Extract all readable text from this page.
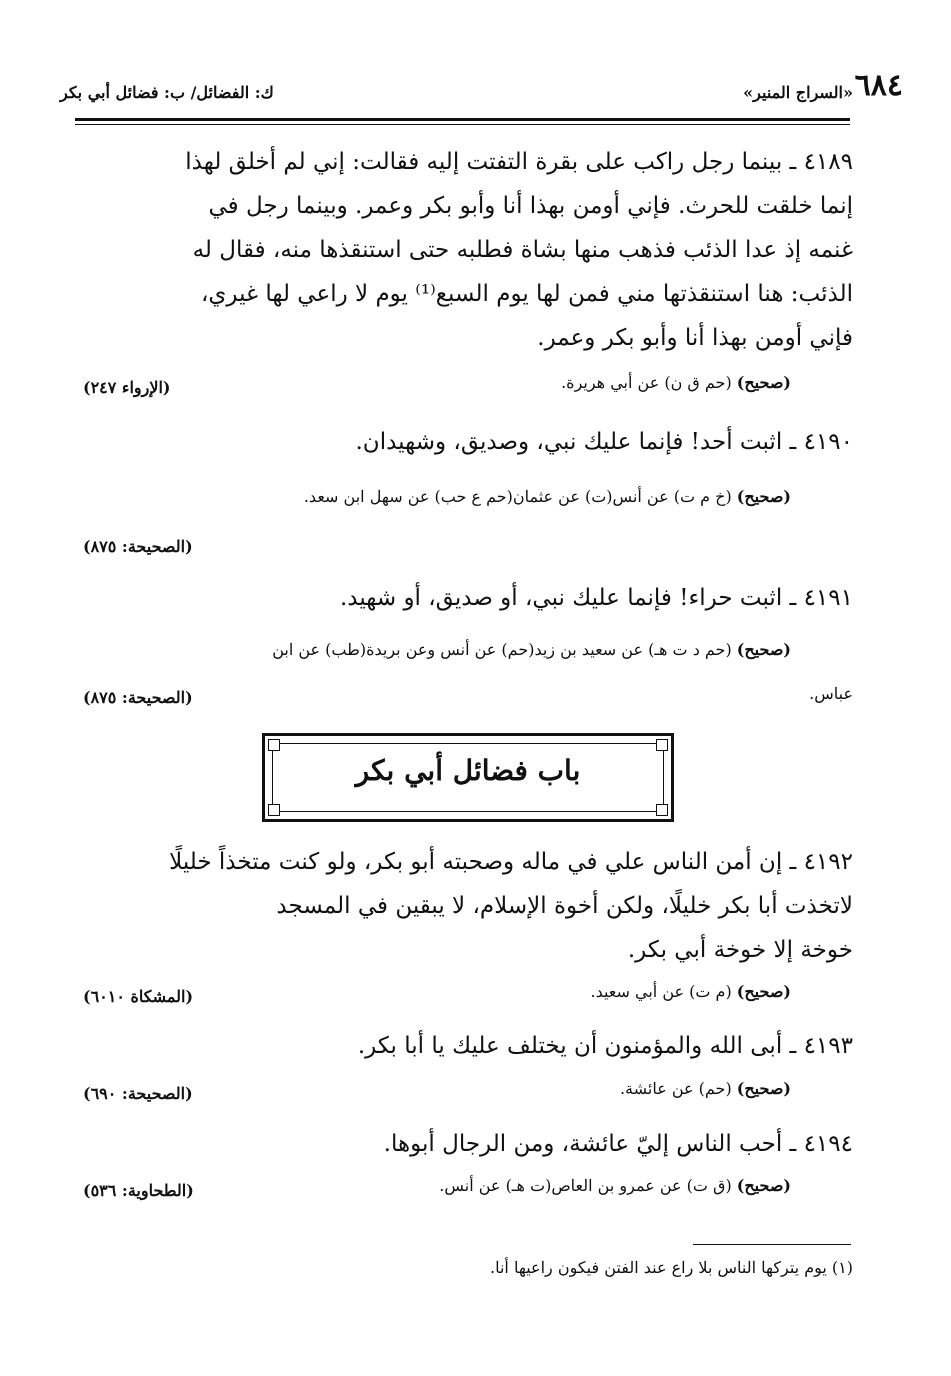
٦٨٤
«السراج المنير»
ك: الفضائل/ ب: فضائل أبي بكر
٤١٨٩ ـ بينما رجل راكب على بقرة التفتت إليه فقالت: إني لم أخلق لهذا
إنما خلقت للحرث. فإني أومن بهذا أنا وأبو بكر وعمر. وبينما رجل في
غنمه إذ عدا الذئب فذهب منها بشاة فطلبه حتى استنقذها منه، فقال له
الذئب: هنا استنقذتها مني فمن لها يوم السبع⁽¹⁾ يوم لا راعي لها غيري،
فإني أومن بهذا أنا وأبو بكر وعمر.
(صحيح) (حم ق ن) عن أبي هريرة.
(الإرواء ٢٤٧)
٤١٩٠ ـ اثبت أحد! فإنما عليك نبي، وصديق، وشهيدان.
(صحيح) (خ م ت) عن أنس(ت) عن عثمان(حم ع حب) عن سهل ابن سعد.
(الصحيحة: ٨٧٥)
٤١٩١ ـ اثبت حراء! فإنما عليك نبي، أو صديق، أو شهيد.
(صحيح) (حم د ت هـ) عن سعيد بن زيد(حم) عن أنس وعن بريدة(طب) عن ابن
عباس.
(الصحيحة: ٨٧٥)
باب فضائل أبي بكر
٤١٩٢ ـ إن أمن الناس علي في ماله وصحبته أبو بكر، ولو كنت متخذاً خليلًا
لاتخذت أبا بكر خليلًا، ولكن أخوة الإسلام، لا يبقين في المسجد
خوخة إلا خوخة أبي بكر.
(صحيح) (م ت) عن أبي سعيد.
(المشكاة ٦٠١٠)
٤١٩٣ ـ أبى الله والمؤمنون أن يختلف عليك يا أبا بكر.
(صحيح) (حم) عن عائشة.
(الصحيحة: ٦٩٠)
٤١٩٤ ـ أحب الناس إليّ عائشة، ومن الرجال أبوها.
(صحيح) (ق ت) عن عمرو بن العاص(ت هـ) عن أنس.
(الطحاوية: ٥٣٦)
(١) يوم يتركها الناس بلا راع عند الفتن فيكون راعيها أنا.
